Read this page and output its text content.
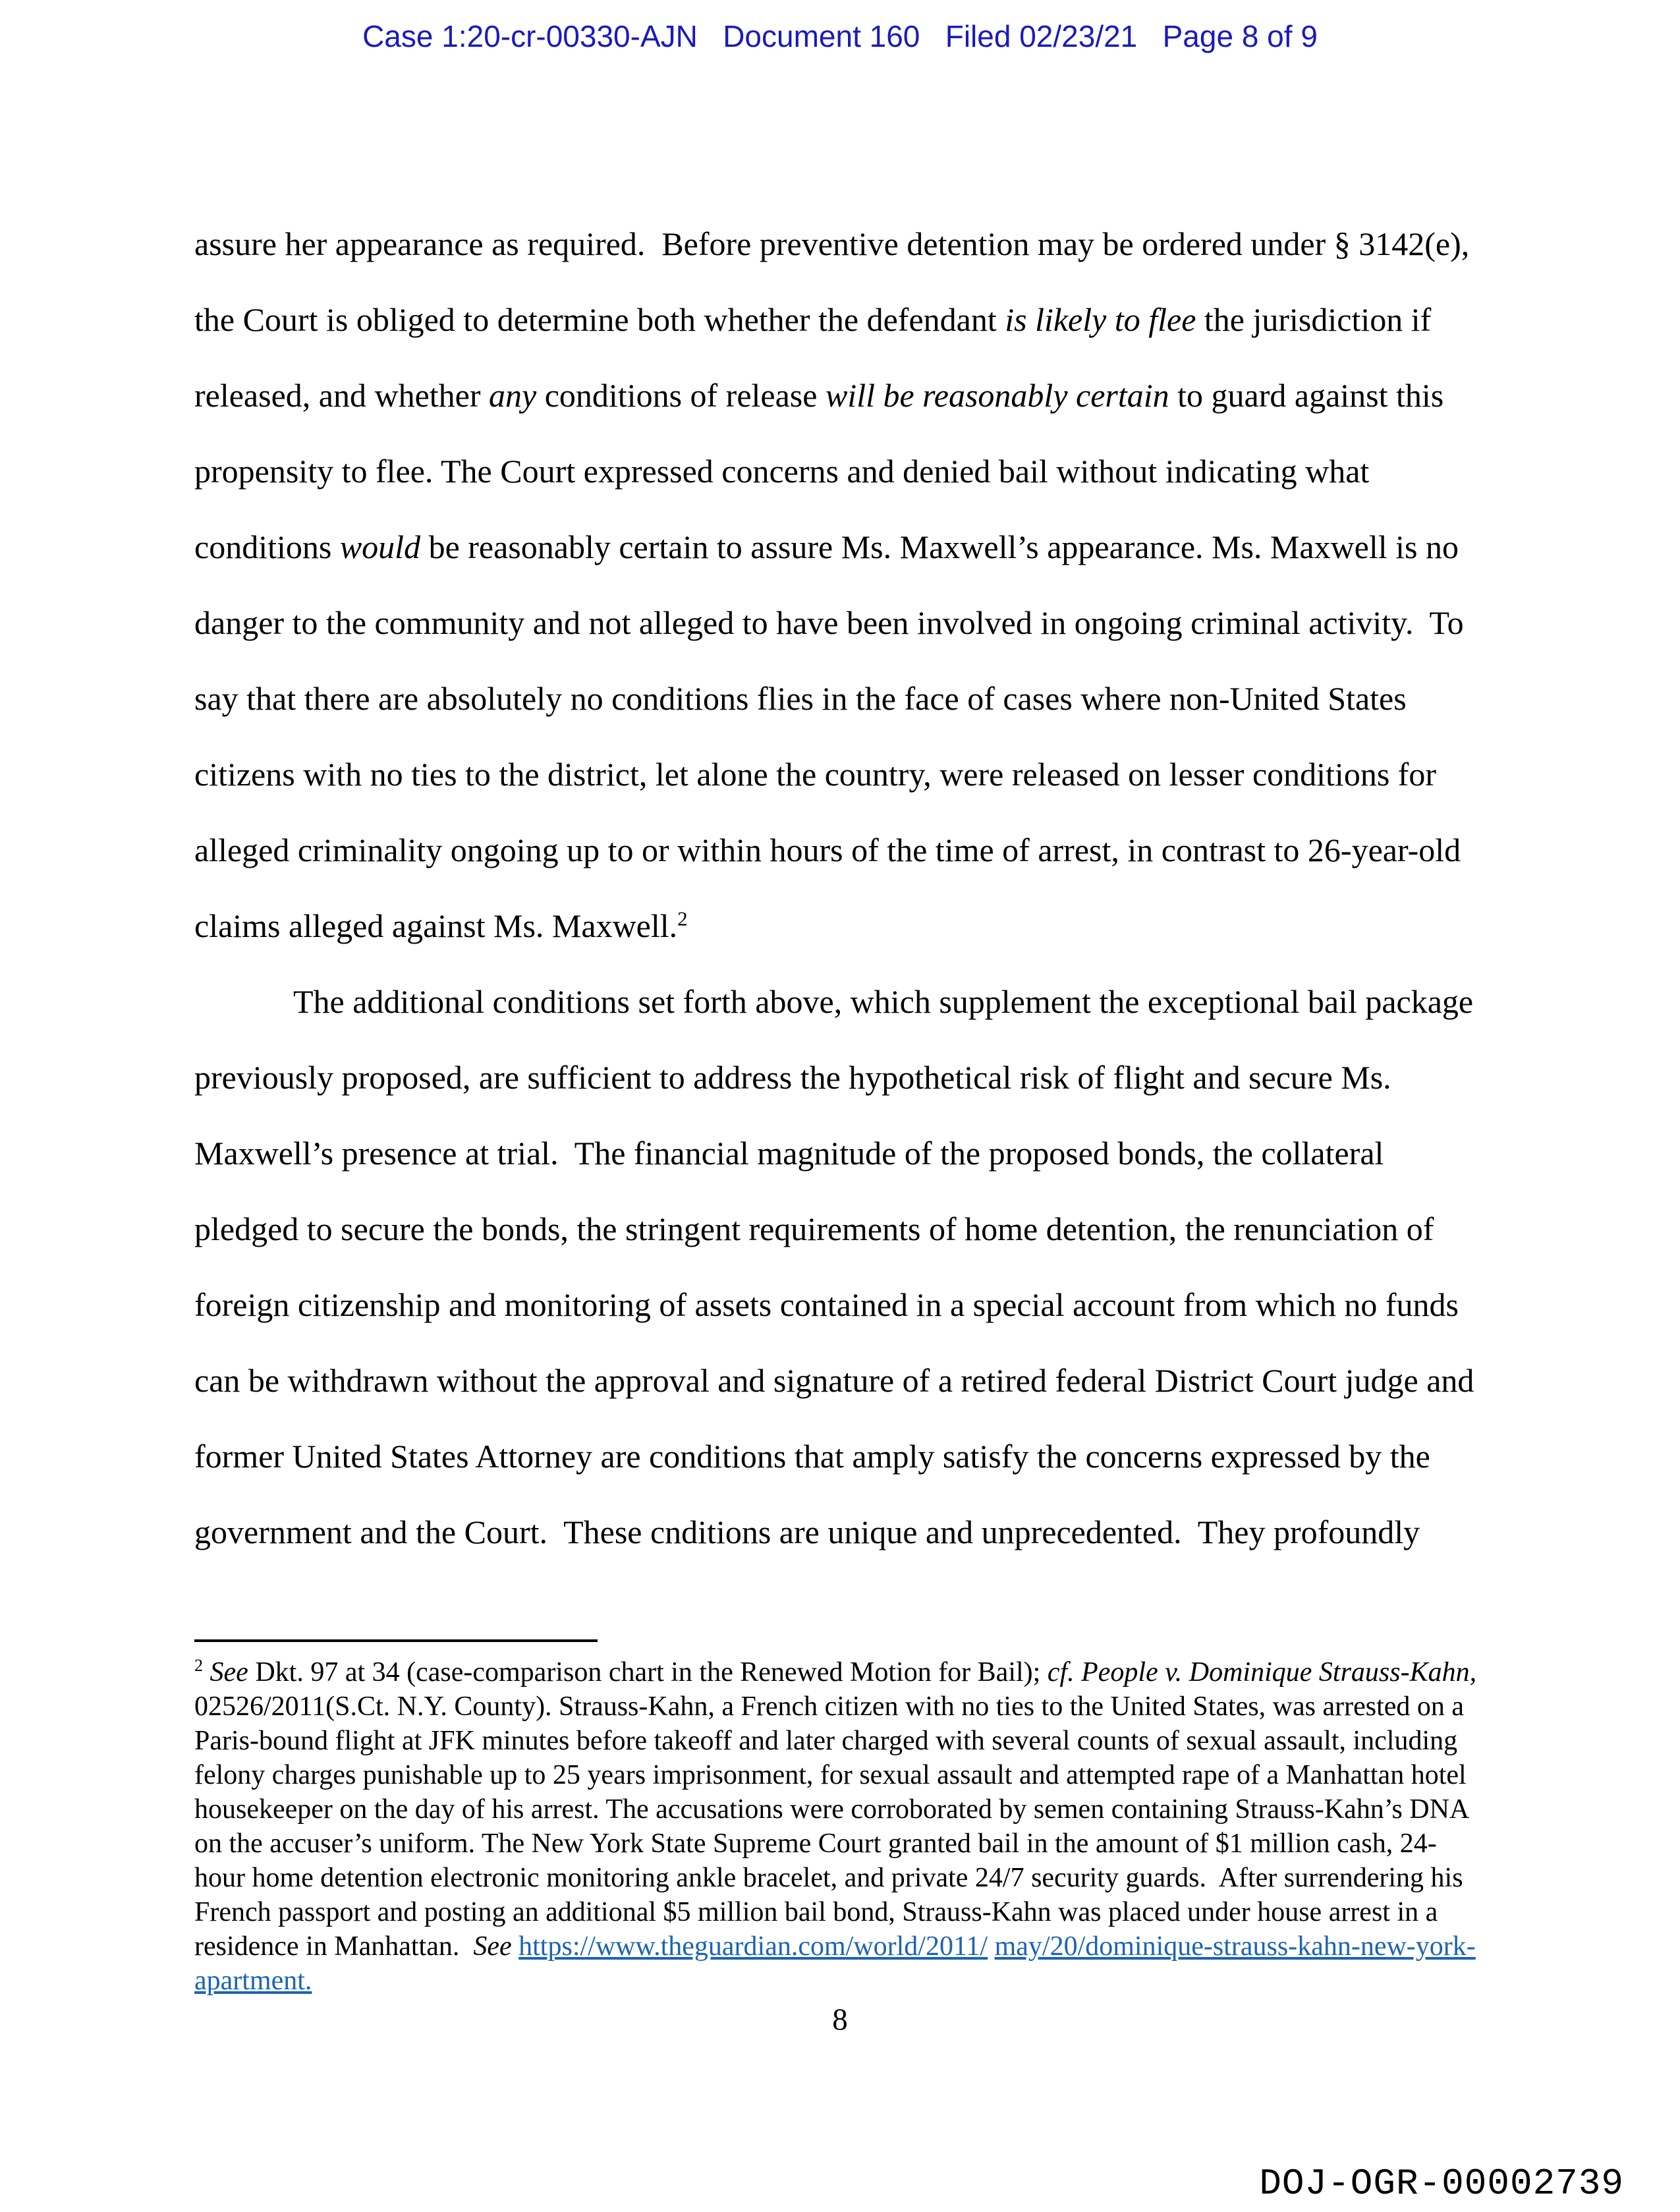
Case 1:20-cr-00330-AJN   Document 160   Filed 02/23/21   Page 8 of 9
assure her appearance as required.  Before preventive detention may be ordered under § 3142(e),
the Court is obliged to determine both whether the defendant is likely to flee the jurisdiction if
released, and whether any conditions of release will be reasonably certain to guard against this
propensity to flee. The Court expressed concerns and denied bail without indicating what
conditions would be reasonably certain to assure Ms. Maxwell’s appearance. Ms. Maxwell is no
danger to the community and not alleged to have been involved in ongoing criminal activity.  To
say that there are absolutely no conditions flies in the face of cases where non-United States
citizens with no ties to the district, let alone the country, were released on lesser conditions for
alleged criminality ongoing up to or within hours of the time of arrest, in contrast to 26-year-old
claims alleged against Ms. Maxwell.$^2$
The additional conditions set forth above, which supplement the exceptional bail package
previously proposed, are sufficient to address the hypothetical risk of flight and secure Ms.
Maxwell’s presence at trial.  The financial magnitude of the proposed bonds, the collateral
pledged to secure the bonds, the stringent requirements of home detention, the renunciation of
foreign citizenship and monitoring of assets contained in a special account from which no funds
can be withdrawn without the approval and signature of a retired federal District Court judge and
former United States Attorney are conditions that amply satisfy the concerns expressed by the
government and the Court.  These cnditions are unique and unprecedented.  They profoundly
$^2$ See Dkt. 97 at 34 (case-comparison chart in the Renewed Motion for Bail); cf. People v. Dominique Strauss-Kahn,
02526/2011(S.Ct. N.Y. County). Strauss-Kahn, a French citizen with no ties to the United States, was arrested on a
Paris-bound flight at JFK minutes before takeoff and later charged with several counts of sexual assault, including
felony charges punishable up to 25 years imprisonment, for sexual assault and attempted rape of a Manhattan hotel
housekeeper on the day of his arrest. The accusations were corroborated by semen containing Strauss-Kahn’s DNA
on the accuser’s uniform. The New York State Supreme Court granted bail in the amount of $1 million cash, 24-
hour home detention electronic monitoring ankle bracelet, and private 24/7 security guards.  After surrendering his
French passport and posting an additional $5 million bail bond, Strauss-Kahn was placed under house arrest in a
residence in Manhattan.  See https://www.theguardian.com/world/2011/ may/20/dominique-strauss-kahn-new-york-
apartment.
8
DOJ-OGR-00002739
